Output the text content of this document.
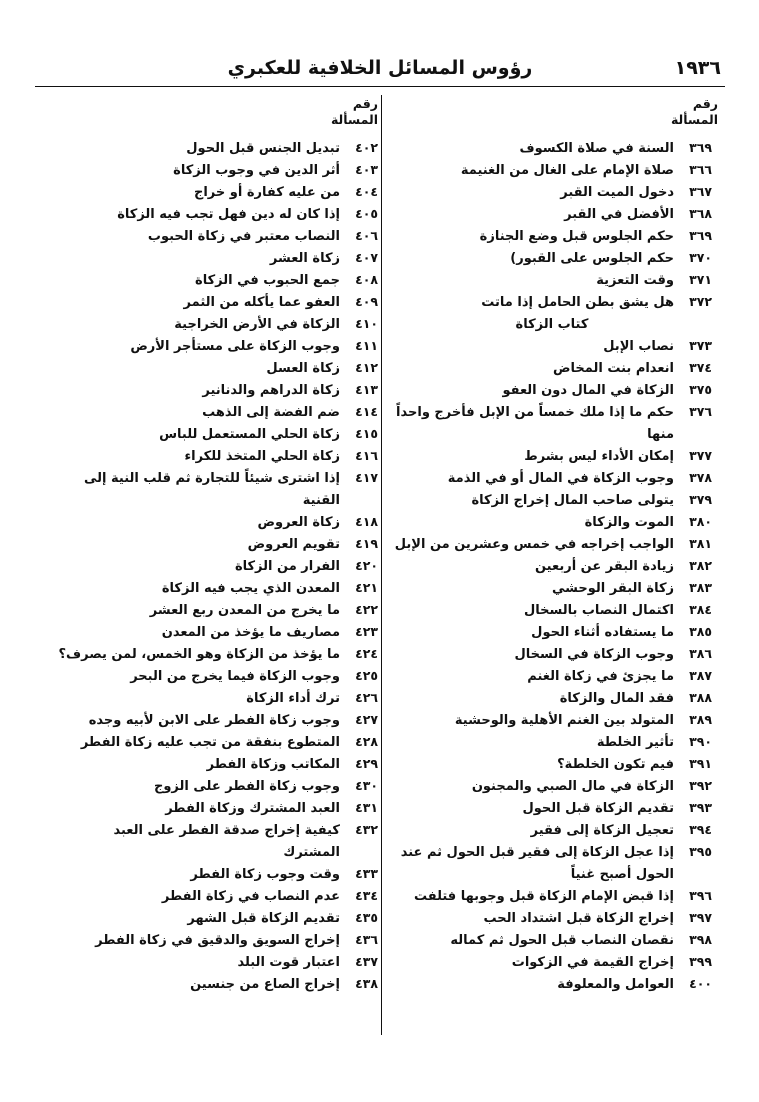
١٩٣٦
رؤوس المسائل الخلافية للعكبري
رقم
المسألة
رقم
المسألة
٣٦٩
السنة في صلاة الكسوف
٣٦٦
صلاة الإمام على الغال من الغنيمة
٣٦٧
دخول الميت القبر
٣٦٨
الأفضل في القبر
٣٦٩
حكم الجلوس قبل وضع الجنازة
٣٧٠
حكم الجلوس على القبور)
٣٧١
وقت التعزية
٣٧٢
هل يشق بطن الحامل إذا ماتت
كتاب الزكاة
٣٧٣
نصاب الإبل
٣٧٤
انعدام بنت المخاض
٣٧٥
الزكاة في المال دون العفو
٣٧٦
حكم ما إذا ملك خمساً من الإبل فأخرج واحداً منها
٣٧٧
إمكان الأداء ليس بشرط
٣٧٨
وجوب الزكاة في المال أو في الذمة
٣٧٩
يتولى صاحب المال إخراج الزكاة
٣٨٠
الموت والزكاة
٣٨١
الواجب إخراجه في خمس وعشرين من الإبل
٣٨٢
زيادة البقر عن أربعين
٣٨٣
زكاة البقر الوحشي
٣٨٤
اكتمال النصاب بالسخال
٣٨٥
ما يستفاده أثناء الحول
٣٨٦
وجوب الزكاة في السخال
٣٨٧
ما يجزئ في زكاة الغنم
٣٨٨
فقد المال والزكاة
٣٨٩
المتولد بين الغنم الأهلية والوحشية
٣٩٠
تأثير الخلطة
٣٩١
فيم تكون الخلطة؟
٣٩٢
الزكاة في مال الصبي والمجنون
٣٩٣
تقديم الزكاة قبل الحول
٣٩٤
تعجيل الزكاة إلى فقير
٣٩٥
إذا عجل الزكاة إلى فقير قبل الحول ثم عند الحول أصبح غنياً
٣٩٦
إذا قبض الإمام الزكاة قبل وجوبها فتلفت
٣٩٧
إخراج الزكاة قبل اشتداد الحب
٣٩٨
نقصان النصاب قبل الحول ثم كماله
٣٩٩
إخراج القيمة في الزكوات
٤٠٠
العوامل والمعلوفة
٤٠٢
تبديل الجنس قبل الحول
٤٠٣
أثر الدين في وجوب الزكاة
٤٠٤
من عليه كفارة أو خراج
٤٠٥
إذا كان له دين فهل تجب فيه الزكاة
٤٠٦
النصاب معتبر في زكاة الحبوب
٤٠٧
زكاة العشر
٤٠٨
جمع الحبوب في الزكاة
٤٠٩
العفو عما يأكله من الثمر
٤١٠
الزكاة في الأرض الخراجية
٤١١
وجوب الزكاة على مستأجر الأرض
٤١٢
زكاة العسل
٤١٣
زكاة الدراهم والدنانير
٤١٤
ضم الفضة إلى الذهب
٤١٥
زكاة الحلي المستعمل للباس
٤١٦
زكاة الحلي المتخذ للكراء
٤١٧
إذا اشترى شيئاً للتجارة ثم قلب النية إلى القنية
٤١٨
زكاة العروض
٤١٩
تقويم العروض
٤٢٠
الفرار من الزكاة
٤٢١
المعدن الذي يجب فيه الزكاة
٤٢٢
ما يخرج من المعدن ربع العشر
٤٢٣
مصاريف ما يؤخذ من المعدن
٤٢٤
ما يؤخذ من الزكاة وهو الخمس، لمن يصرف؟
٤٢٥
وجوب الزكاة فيما يخرج من البحر
٤٢٦
ترك أداء الزكاة
٤٢٧
وجوب زكاة الفطر على الابن لأبيه وجده
٤٢٨
المتطوع بنفقة من تجب عليه زكاة الفطر
٤٢٩
المكاتب وزكاة الفطر
٤٣٠
وجوب زكاة الفطر على الزوج
٤٣١
العبد المشترك وزكاة الفطر
٤٣٢
كيفية إخراج صدقة الفطر على العبد المشترك
٤٣٣
وقت وجوب زكاة الفطر
٤٣٤
عدم النصاب في زكاة الفطر
٤٣٥
تقديم الزكاة قبل الشهر
٤٣٦
إخراج السويق والدقيق في زكاة الفطر
٤٣٧
اعتبار قوت البلد
٤٣٨
إخراج الصاع من جنسين
